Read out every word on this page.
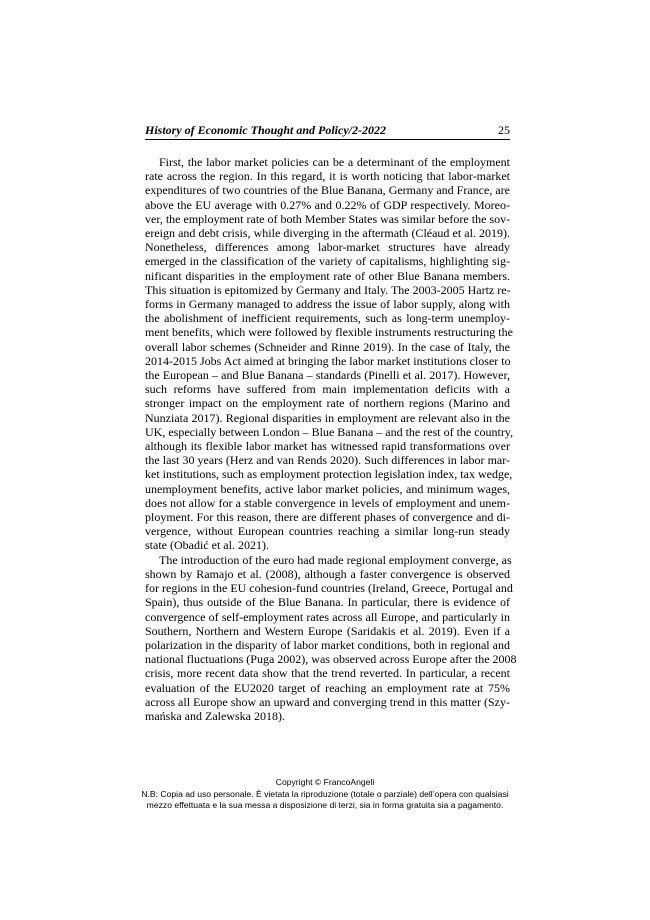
History of Economic Thought and Policy/2-2022	25
First, the labor market policies can be a determinant of the employment
rate across the region. In this regard, it is worth noticing that labor-market
expenditures of two countries of the Blue Banana, Germany and France, are
above the EU average with 0.27% and 0.22% of GDP respectively. Moreo-
ver, the employment rate of both Member States was similar before the sov-
ereign and debt crisis, while diverging in the aftermath (Cléaud et al. 2019).
Nonetheless, differences among labor-market structures have already
emerged in the classification of the variety of capitalisms, highlighting sig-
nificant disparities in the employment rate of other Blue Banana members.
This situation is epitomized by Germany and Italy. The 2003-2005 Hartz re-
forms in Germany managed to address the issue of labor supply, along with
the abolishment of inefficient requirements, such as long-term unemploy-
ment benefits, which were followed by flexible instruments restructuring the
overall labor schemes (Schneider and Rinne 2019). In the case of Italy, the
2014-2015 Jobs Act aimed at bringing the labor market institutions closer to
the European – and Blue Banana – standards (Pinelli et al. 2017). However,
such reforms have suffered from main implementation deficits with a
stronger impact on the employment rate of northern regions (Marino and
Nunziata 2017). Regional disparities in employment are relevant also in the
UK, especially between London – Blue Banana – and the rest of the country,
although its flexible labor market has witnessed rapid transformations over
the last 30 years (Herz and van Rends 2020). Such differences in labor mar-
ket institutions, such as employment protection legislation index, tax wedge,
unemployment benefits, active labor market policies, and minimum wages,
does not allow for a stable convergence in levels of employment and unem-
ployment. For this reason, there are different phases of convergence and di-
vergence, without European countries reaching a similar long-run steady
state (Obadić et al. 2021).
The introduction of the euro had made regional employment converge, as
shown by Ramajo et al. (2008), although a faster convergence is observed
for regions in the EU cohesion-fund countries (Ireland, Greece, Portugal and
Spain), thus outside of the Blue Banana. In particular, there is evidence of
convergence of self-employment rates across all Europe, and particularly in
Southern, Northern and Western Europe (Saridakis et al. 2019). Even if a
polarization in the disparity of labor market conditions, both in regional and
national fluctuations (Puga 2002), was observed across Europe after the 2008
crisis, more recent data show that the trend reverted. In particular, a recent
evaluation of the EU2020 target of reaching an employment rate at 75%
across all Europe show an upward and converging trend in this matter (Szy-
mańska and Zalewska 2018).
Copyright © FrancoAngeli
N.B: Copia ad uso personale. È vietata la riproduzione (totale o parziale) dell’opera con qualsiasi
mezzo effettuata e la sua messa a disposizione di terzi, sia in forma gratuita sia a pagamento.
